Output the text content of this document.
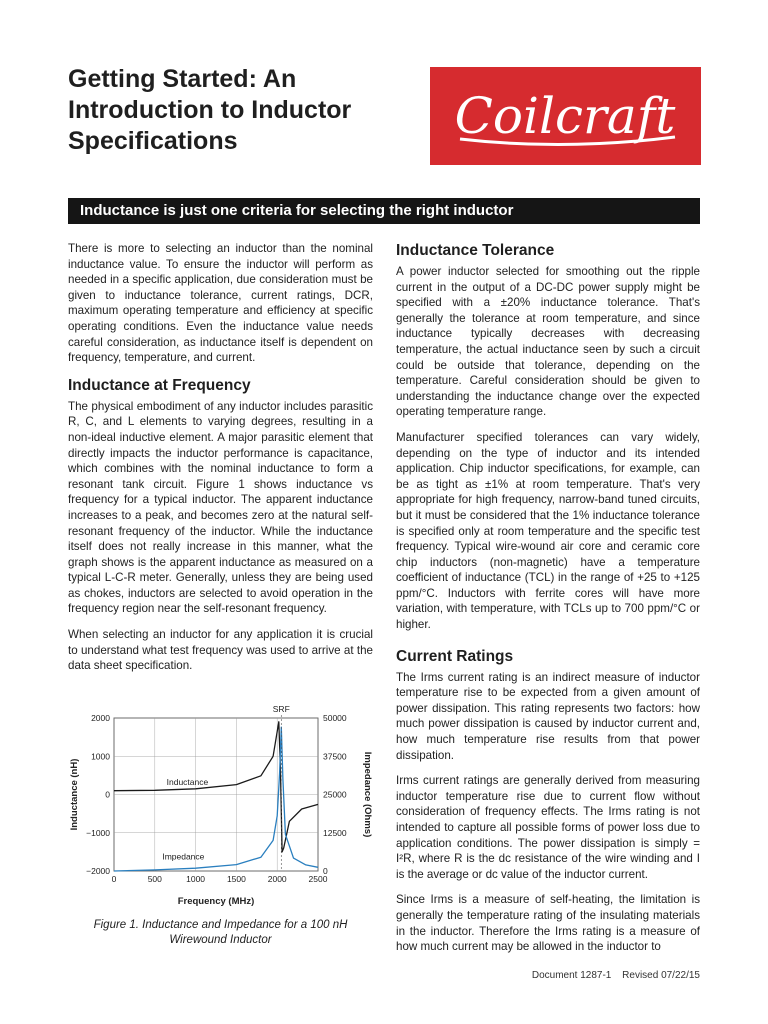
Getting Started: An
Introduction to Inductor
Specifications	Coilcraft
Inductance is just one criteria for selecting the right inductor

There is more to selecting an inductor than the nominal inductance value. To ensure the inductor will perform as needed in a specific application, due consideration must be given to inductance tolerance, current ratings, DCR, maximum operating temperature and efficiency at specific operating conditions. Even the inductance value needs careful consideration, as inductance itself is dependent on frequency, temperature, and current.

Inductance at Frequency

The physical embodiment of any inductor includes parasitic R, C, and L elements to varying degrees, resulting in a non-ideal inductive element. A major parasitic element that directly impacts the inductor performance is capacitance, which combines with the nominal inductance to form a resonant tank circuit. Figure 1 shows inductance vs frequency for a typical inductor. The apparent inductance increases to a peak, and becomes zero at the natural self-resonant frequency of the inductor. While the inductance itself does not really increase in this manner, what the graph shows is the apparent inductance as measured on a typical L-C-R meter. Generally, unless they are being used as chokes, inductors are selected to avoid operation in the frequency region near the self-resonant frequency.

When selecting an inductor for any application it is crucial to understand what test frequency was used to arrive at the data sheet specification.

Inductance Tolerance

A power inductor selected for smoothing out the ripple current in the output of a DC-DC power supply might be specified with a ±20% inductance tolerance. That's generally the tolerance at room temperature, and since inductance typically decreases with decreasing temperature, the actual inductance seen by such a circuit could be outside that tolerance, depending on the temperature. Careful consideration should be given to understanding the inductance change over the expected operating temperature range.

Manufacturer specified tolerances can vary widely, depending on the type of inductor and its intended application. Chip inductor specifications, for example, can be as tight as ±1% at room temperature. That's very appropriate for high frequency, narrow-band tuned circuits, but it must be considered that the 1% inductance tolerance is specified only at room temperature and the specific test frequency. Typical wire-wound air core and ceramic core chip inductors (non-magnetic) have a temperature coefficient of inductance (TCL) in the range of +25 to +125 ppm/°C. Inductors with ferrite cores will have more variation, with temperature, with TCLs up to 700 ppm/°C or higher.

Current Ratings

The Irms current rating is an indirect measure of inductor temperature rise to be expected from a given amount of power dissipation. This rating represents two factors: how much power dissipation is caused by inductor current and, how much temperature rise results from that power dissipation.

Irms current ratings are generally derived from measuring inductor temperature rise due to current flow without consideration of frequency effects. The Irms rating is not intended to capture all possible forms of power loss due to application conditions. The power dissipation is simply = I²R, where R is the dc resistance of the wire winding and I is the average or dc value of the inductor current.

Since Irms is a measure of self-heating, the limitation is generally the temperature rating of the insulating materials in the inductor. Therefore the Irms rating is a measure of how much current may be allowed in the inductor to

0	500	1000	1500	2000	2500
2000
1000
0
−1000
−2000
50000
37500
25000
12500
0
SRF
Inductance
Impedance
Frequency (MHz)
Inductance (nH)	Impedance (Ohms)
Figure 1. Inductance and Impedance for a 100 nH
Wirewound Inductor
Document 1287-1 Revised 07/22/15
